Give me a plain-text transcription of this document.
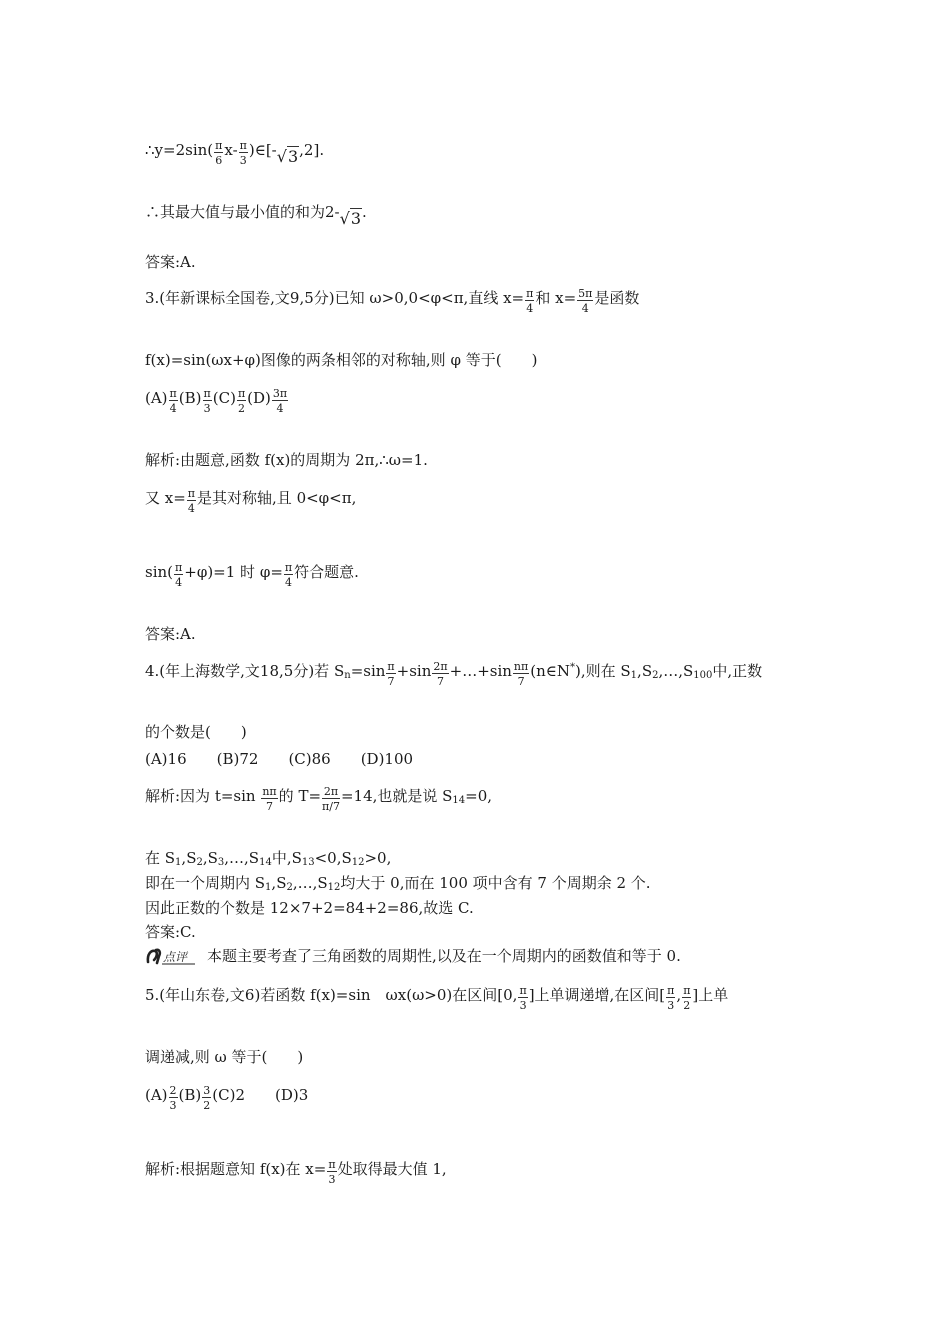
∴y=2sin( $\frac{\pi}{6} x- \frac{\pi}{3}$ )∈[-√3,2].
∴其最大值与最小值的和为2-√3.
答案:A.
3.(年新课标全国卷,文9,5分)已知 ω>0,0<φ<π,直线 $x= \frac{\pi}{4}$ 和 $x= \frac{5\pi}{4}$ 是函数
f(x)=sin(ωx+φ)图像的两条相邻的对称轴,则 φ 等于(　　)
$(A) \frac{\pi}{4} (B) \frac{\pi}{3} (C) \frac{\pi}{2} (D) \frac{3\pi}{4}$
解析:由题意,函数 f(x)的周期为 2π,∴ω=1.
又 $x= \frac{\pi}{4}$ 是其对称轴,且 0<φ<π,
$\sin( \frac{\pi}{4} +\varphi)=1$ 时 $\varphi= \frac{\pi}{4}$ 符合题意.
答案:A.
4.(年上海数学,文18,5分)若 $S_n=\sin \frac{\pi}{7} +\sin \frac{2\pi}{7}$ +…+sin $\frac{n\pi}{7}$ (n∈N*),则在 $S_1,S_2,\dots,S_{100}$中,正数
的个数是(　　)
(A)16　　(B)72　　(C)86　　(D)100
解析:因为 $t=\sin \frac{n\pi}{7}$ 的 $T= \frac{2\pi}{\pi/7} =14$,也就是说 $S_{14}=0$,
在 $S_1,S_2,S_3,\dots,S_{14}$中$,S_{13}<0,S_{12}>0$,
即在一个周期内 $S_1,S_2,\dots,S_{12}$均大于 0,而在 100 项中含有 7 个周期余 2 个.
因此正数的个数是 12×7+2=84+2=86,故选 C.
答案:C.
点评 本题主要考查了三角函数的周期性,以及在一个周期内的函数值和等于 0.
5.(年山东卷,文6)若函数 f(x)=sin　ωx(ω>0)在区间[0, $\frac{\pi}{3}$ ]上单调递增,在区间[ $\frac{\pi}{3}$ , $\frac{\pi}{2}$ ]上单
调递减,则 ω 等于(　　)
$(A) \frac{2}{3} (B) \frac{3}{2} (C)2$　　(D)3
解析:根据题意知 f(x)在 $x= \frac{\pi}{3}$ 处取得最大值 1,
